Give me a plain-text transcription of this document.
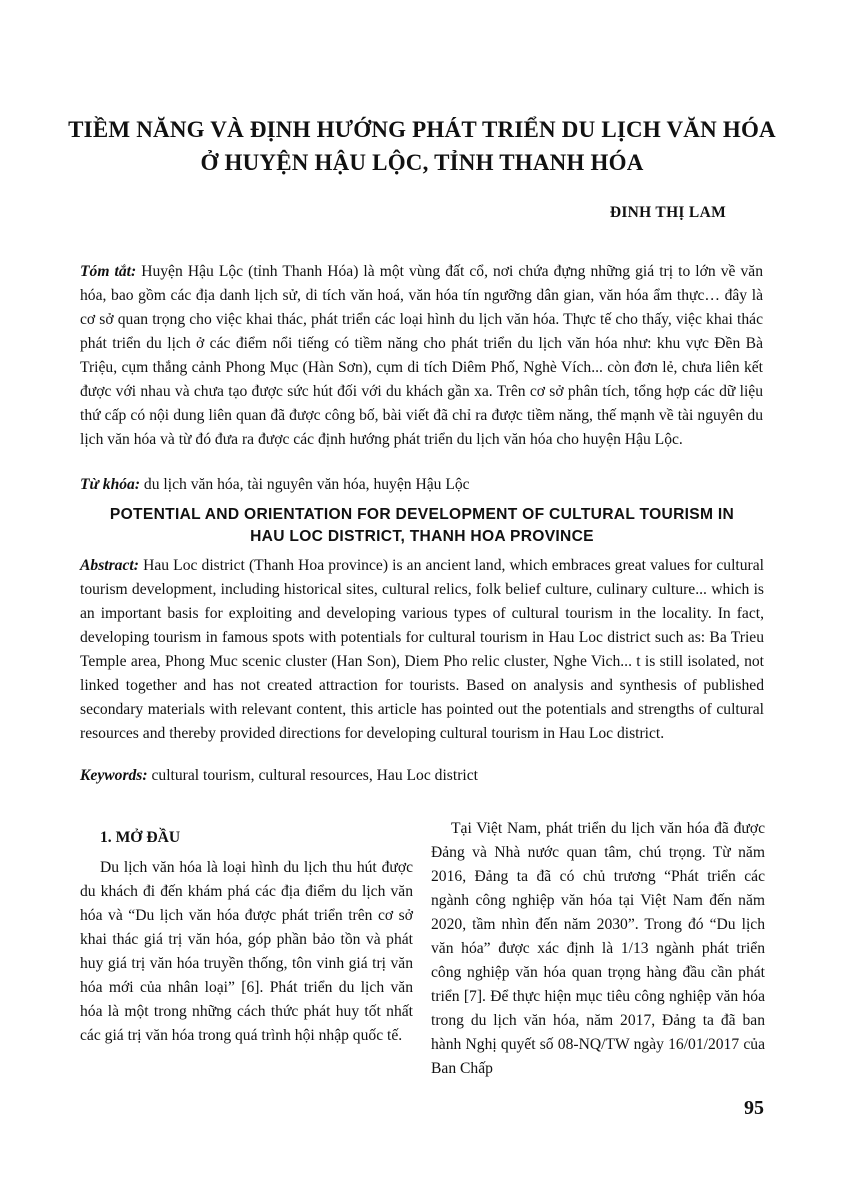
TIỀM NĂNG VÀ ĐỊNH HƯỚNG PHÁT TRIỂN DU LỊCH VĂN HÓA
Ở HUYỆN HẬU LỘC, TỈNH THANH HÓA
ĐINH THỊ LAM
Tóm tắt: Huyện Hậu Lộc (tỉnh Thanh Hóa) là một vùng đất cổ, nơi chứa đựng những giá trị to lớn về văn hóa, bao gồm các địa danh lịch sử, di tích văn hoá, văn hóa tín ngưỡng dân gian, văn hóa ẩm thực… đây là cơ sở quan trọng cho việc khai thác, phát triển các loại hình du lịch văn hóa. Thực tế cho thấy, việc khai thác phát triển du lịch ở các điểm nổi tiếng có tiềm năng cho phát triển du lịch văn hóa như: khu vực Đền Bà Triệu, cụm thắng cảnh Phong Mục (Hàn Sơn), cụm di tích Diêm Phố, Nghè Vích... còn đơn lẻ, chưa liên kết được với nhau và chưa tạo được sức hút đối với du khách gần xa. Trên cơ sở phân tích, tổng hợp các dữ liệu thứ cấp có nội dung liên quan đã được công bố, bài viết đã chỉ ra được tiềm năng, thế mạnh về tài nguyên du lịch văn hóa và từ đó đưa ra được các định hướng phát triển du lịch văn hóa cho huyện Hậu Lộc.
Từ khóa: du lịch văn hóa, tài nguyên văn hóa, huyện Hậu Lộc
POTENTIAL AND ORIENTATION FOR DEVELOPMENT OF CULTURAL TOURISM IN
HAU LOC DISTRICT, THANH HOA PROVINCE
Abstract: Hau Loc district (Thanh Hoa province) is an ancient land, which embraces great values for cultural tourism development, including historical sites, cultural relics, folk belief culture, culinary culture... which is an important basis for exploiting and developing various types of cultural tourism in the locality. In fact, developing tourism in famous spots with potentials for cultural tourism in Hau Loc district such as: Ba Trieu Temple area, Phong Muc scenic cluster (Han Son), Diem Pho relic cluster, Nghe Vich... t is still isolated, not linked together and has not created attraction for tourists. Based on analysis and synthesis of published secondary materials with relevant content, this article has pointed out the potentials and strengths of cultural resources and thereby provided directions for developing cultural tourism in Hau Loc district.
Keywords: cultural tourism, cultural resources, Hau Loc district
1. MỞ ĐẦU

Du lịch văn hóa là loại hình du lịch thu hút được du khách đi đến khám phá các địa điểm du lịch văn hóa và “Du lịch văn hóa được phát triển trên cơ sở khai thác giá trị văn hóa, góp phần bảo tồn và phát huy giá trị văn hóa truyền thống, tôn vinh giá trị văn hóa mới của nhân loại” [6]. Phát triển du lịch văn hóa là một trong những cách thức phát huy tốt nhất các giá trị văn hóa trong quá trình hội nhập quốc tế.

Tại Việt Nam, phát triển du lịch văn hóa đã được Đảng và Nhà nước quan tâm, chú trọng. Từ năm 2016, Đảng ta đã có chủ trương “Phát triển các ngành công nghiệp văn hóa tại Việt Nam đến năm 2020, tầm nhìn đến năm 2030”. Trong đó “Du lịch văn hóa” được xác định là 1/13 ngành phát triển công nghiệp văn hóa quan trọng hàng đầu cần phát triển [7]. Để thực hiện mục tiêu công nghiệp văn hóa trong du lịch văn hóa, năm 2017, Đảng ta đã ban hành Nghị quyết số 08-NQ/TW ngày 16/01/2017 của Ban Chấp

95
